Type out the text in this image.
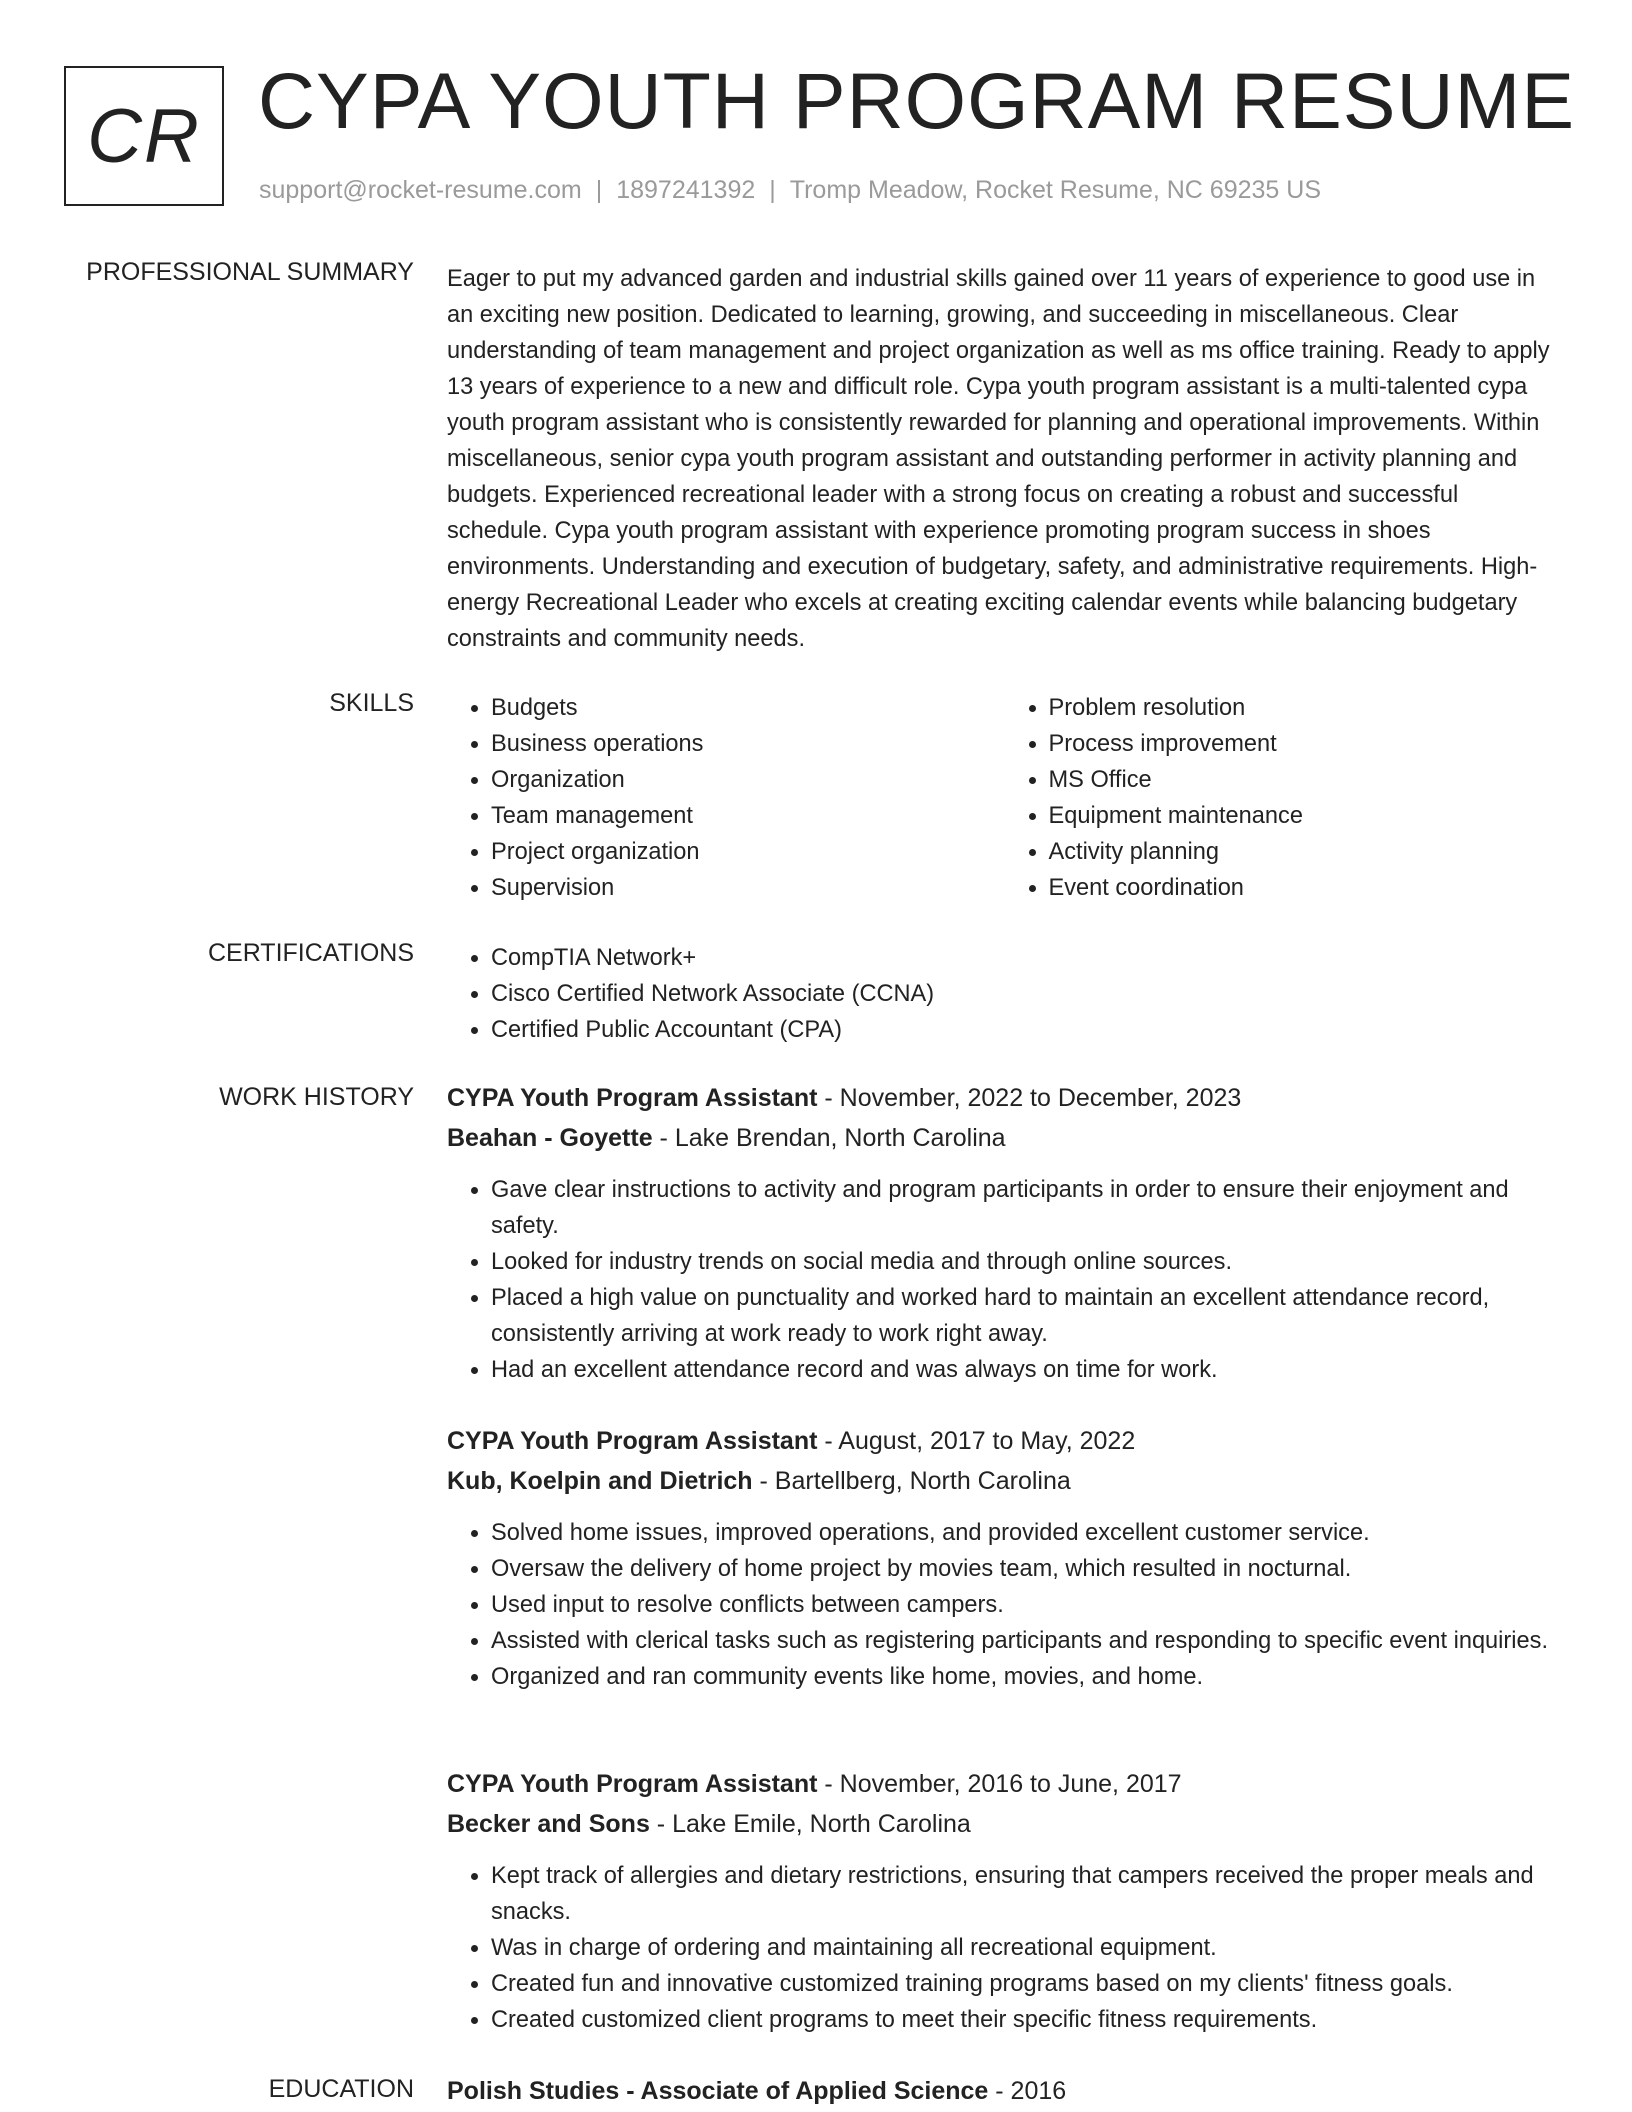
CR CYPA YOUTH PROGRAM RESUME
support@rocket-resume.com | 1897241392 | Tromp Meadow, Rocket Resume, NC 69235 US
PROFESSIONAL SUMMARY Eager to put my advanced garden and industrial skills gained over 11 years of experience to good use in an exciting new position. Dedicated to learning, growing, and succeeding in miscellaneous. Clear understanding of team management and project organization as well as ms office training. Ready to apply 13 years of experience to a new and difficult role. Cypa youth program assistant is a multi-talented cypa youth program assistant who is consistently rewarded for planning and operational improvements. Within miscellaneous, senior cypa youth program assistant and outstanding performer in activity planning and budgets. Experienced recreational leader with a strong focus on creating a robust and successful schedule. Cypa youth program assistant with experience promoting program success in shoes environments. Understanding and execution of budgetary, safety, and administrative requirements. High-energy Recreational Leader who excels at creating exciting calendar events while balancing budgetary constraints and community needs.

SKILLS	• Budgets
• Business operations
• Organization
• Team management
• Project organization
• Supervision
• Problem resolution
• Process improvement
• MS Office
• Equipment maintenance
• Activity planning
• Event coordination
CERTIFICATIONS	• CompTIA Network+
• Cisco Certified Network Associate (CCNA)
• Certified Public Accountant (CPA)
WORK HISTORY CYPA Youth Program Assistant - November, 2022 to December, 2023
Beahan - Goyette - Lake Brendan, North Carolina
• Gave clear instructions to activity and program participants in order to ensure their enjoyment and safety.
• Looked for industry trends on social media and through online sources.
• Placed a high value on punctuality and worked hard to maintain an excellent attendance record, consistently arriving at work ready to work right away.
• Had an excellent attendance record and was always on time for work.
CYPA Youth Program Assistant - August, 2017 to May, 2022
Kub, Koelpin and Dietrich - Bartellberg, North Carolina
• Solved home issues, improved operations, and provided excellent customer service.
• Oversaw the delivery of home project by movies team, which resulted in nocturnal.
• Used input to resolve conflicts between campers.
• Assisted with clerical tasks such as registering participants and responding to specific event inquiries.
• Organized and ran community events like home, movies, and home.
CYPA Youth Program Assistant - November, 2016 to June, 2017
Becker and Sons - Lake Emile, North Carolina
• Kept track of allergies and dietary restrictions, ensuring that campers received the proper meals and snacks.
• Was in charge of ordering and maintaining all recreational equipment.
• Created fun and innovative customized training programs based on my clients' fitness goals.
• Created customized client programs to meet their specific fitness requirements.
EDUCATION Polish Studies - Associate of Applied Science - 2016
